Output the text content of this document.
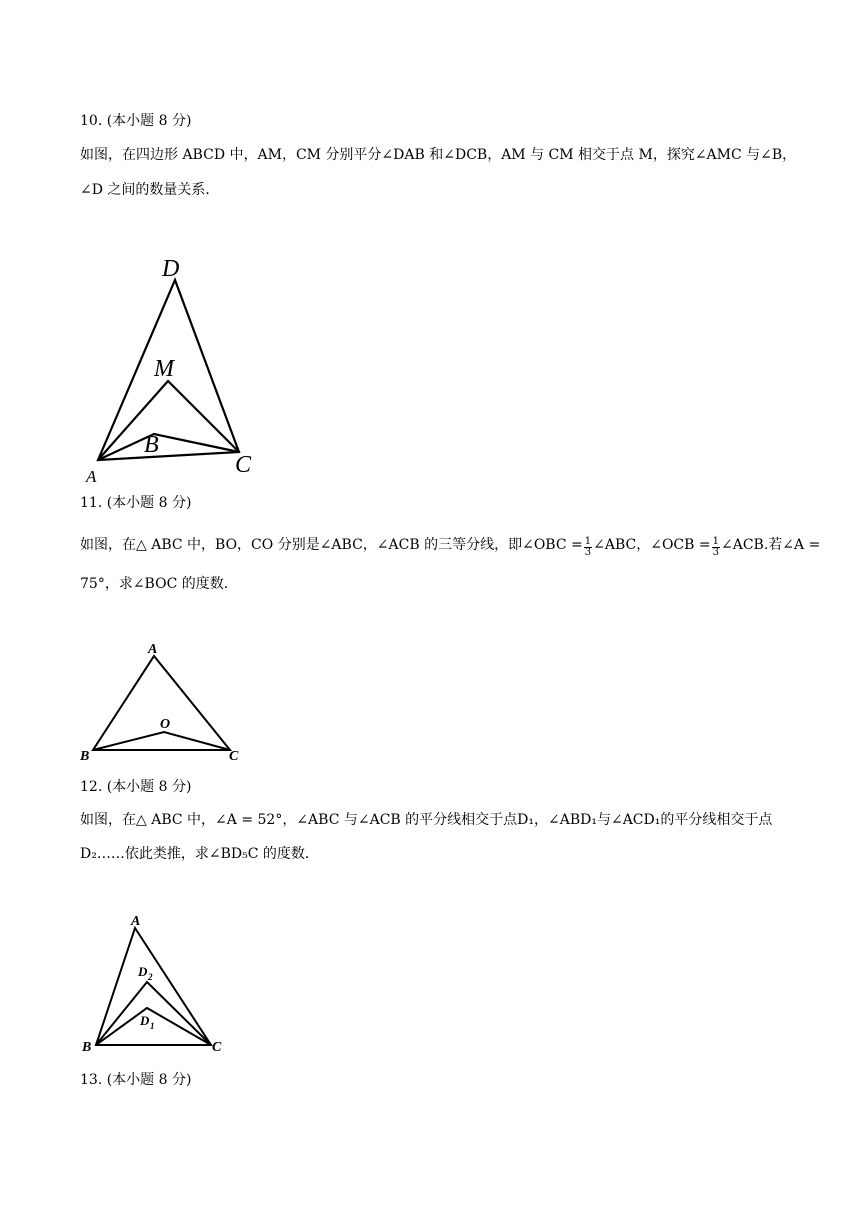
10. (本小题 8 分)
如图，在四边形 ABCD 中，AM，CM 分别平分∠DAB 和∠DCB，AM 与 CM 相交于点 M，探究∠AMC 与∠B，
∠D 之间的数量关系．
D
M
B
A	C
11. (本小题 8 分)
如图，在△ ABC 中，BO，CO 分别是∠ABC，∠ACB 的三等分线，即∠OBC = $\frac{1}{3}$ ∠ABC，∠OCB = $\frac{1}{3}$ ∠ACB.若∠A =
75°，求∠BOC 的度数．
A
O
B	C
12. (本小题 8 分)
如图，在△ ABC 中，∠A = 52°，∠ABC 与∠ACB 的平分线相交于点D₁，∠ABD₁与∠ACD₁的平分线相交于点
D₂……依此类推，求∠BD₅C 的度数．
A
D 2
D 1
B	C
13. (本小题 8 分)
